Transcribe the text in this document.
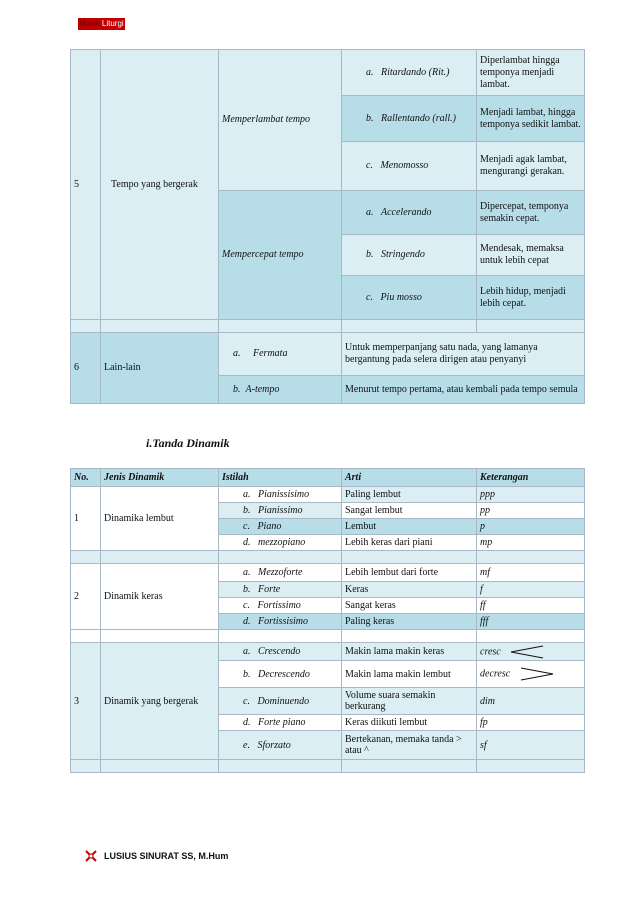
Musik Liturgi
5	Tempo yang bergerak	Memperlambat tempo	a. Ritardando (Rit.)	Diperlambat hingga temponya menjadi lambat.
			b. Rallentando (rall.)	Menjadi lambat, hingga temponya sedikit lambat.
			c. Menomosso	Menjadi agak lambat, mengurangi gerakan.
		Mempercepat tempo	a. Accelerando	Dipercepat, temponya semakin cepat.
			b. Stringendo	Mendesak, memaksa untuk lebih cepat
			c. Piu mosso	Lebih hidup, menjadi lebih cepat.

6	Lain-lain	a. Fermata	Untuk memperpanjang satu nada, yang lamanya bergantung pada selera dirigen atau penyanyi	
		b. A-tempo	Menurut tempo pertama, atau kembali pada tempo semula	
i.Tanda Dinamik
No.	Jenis Dinamik	Istilah	Arti	Keterangan
1	Dinamika lembut	a. Pianissisimo	Paling lembut	ppp
		b. Pianissimo	Sangat lembut	pp
		c. Piano	Lembut	p
		d. mezzopiano	Lebih keras dari piani	mp

2	Dinamik keras	a. Mezzoforte	Lebih lembut dari forte	mf
		b. Forte	Keras	f
		c. Fortissimo	Sangat keras	ff
		d. Fortissisimo	Paling keras	fff

3	Dinamik yang bergerak	a. Crescendo	Makin lama makin keras	cresc
		b. Decrescendo	Makin lama makin lembut	decresc
		c. Dominuendo	Volume suara semakin berkurang	dim
		d. Forte piano	Keras diikuti lembut	fp
		e. Sforzato	Bertekanan, memaka tanda > atau ^	sf

LUSIUS SINURAT SS, M.Hum
